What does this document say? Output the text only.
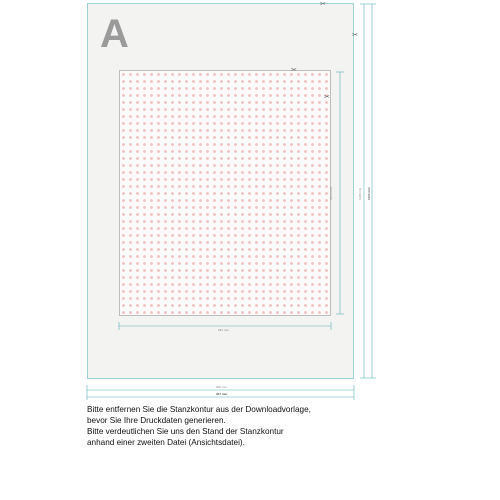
A
✂
✂
✂
✂
281 mm
323,5 mm
305 mm
307 mm
1100 mm 1100 mm

Bitte entfernen Sie die Stanzkontur aus der Downloadvorlage,

bevor Sie Ihre Druckdaten generieren.

Bitte verdeutlichen Sie uns den Stand der Stanzkontur

anhand einer zweiten Datei (Ansichtsdatei).
